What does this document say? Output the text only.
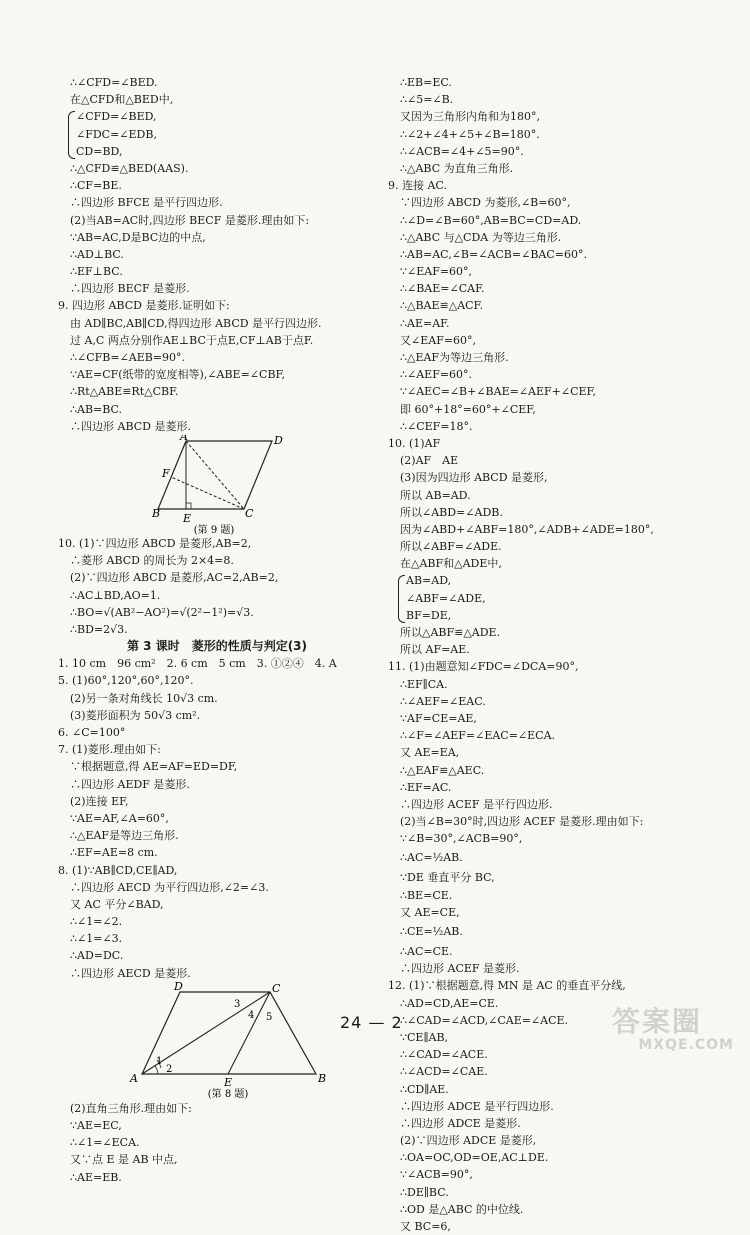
∴∠CFD=∠BED.
在△CFD和△BED中,
∠CFD=∠BED,
∠FDC=∠EDB,
CD=BD,
∴△CFD≌△BED(AAS).
∴CF=BE.
∴四边形 BFCE 是平行四边形.
(2)当AB=AC时,四边形 BECF 是菱形.理由如下:
∵AB=AC,D是BC边的中点,
∴AD⊥BC.
∴EF⊥BC.
∴四边形 BECF 是菱形.
9. 四边形 ABCD 是菱形.证明如下:
由 AD∥BC,AB∥CD,得四边形 ABCD 是平行四边形.
过 A,C 两点分别作AE⊥BC于点E,CF⊥AB于点F.
∴∠CFB=∠AEB=90°.
∵AE=CF(纸带的宽度相等),∠ABE=∠CBF,
∴Rt△ABE≌Rt△CBF.
∴AB=BC.
∴四边形 ABCD 是菱形.
A	D
F
B E	C
(第 9 题)
10. (1)∵四边形 ABCD 是菱形,AB=2,
∴菱形 ABCD 的周长为 2×4=8.
(2)∵四边形 ABCD 是菱形,AC=2,AB=2,
∴AC⊥BD,AO=1.
∴BO=√(AB²−AO²)=√(2²−1²)=√3.
∴BD=2√3.
第 3 课时　菱形的性质与判定(3)
1. 10 cm　96 cm²　2. 6 cm　5 cm　3. ①②④　4. A
5. (1)60°,120°,60°,120°.
(2)另一条对角线长 10√3 cm.
(3)菱形面积为 50√3 cm².
6. ∠C=100°
7. (1)菱形.理由如下:
∵根据题意,得 AE=AF=ED=DF,
∴四边形 AEDF 是菱形.
(2)连接 EF,
∵AE=AF,∠A=60°,
∴△EAF是等边三角形.
∴EF=AE=8 cm.
8. (1)∵AB∥CD,CE∥AD,
∴四边形 AECD 为平行四边形,∠2=∠3.
又 AC 平分∠BAD,
∴∠1=∠2.
∴∠1=∠3.
∴AD=DC.
∴四边形 AECD 是菱形.
D	C
A	E	B
1
2
3
4 5
(第 8 题)
(2)直角三角形.理由如下:
∵AE=EC,
∴∠1=∠ECA.
又∵点 E 是 AB 中点,
∴AE=EB.
∴EB=EC.
∴∠5=∠B.
又因为三角形内角和为180°,
∴∠2+∠4+∠5+∠B=180°.
∴∠ACB=∠4+∠5=90°.
∴△ABC 为直角三角形.
9. 连接 AC.
∵四边形 ABCD 为菱形,∠B=60°,
∴∠D=∠B=60°,AB=BC=CD=AD.
∴△ABC 与△CDA 为等边三角形.
∴AB=AC,∠B=∠ACB=∠BAC=60°.
∵∠EAF=60°,
∴∠BAE=∠CAF.
∴△BAE≌△ACF.
∴AE=AF.
又∠EAF=60°,
∴△EAF为等边三角形.
∴∠AEF=60°.
∵∠AEC=∠B+∠BAE=∠AEF+∠CEF,
即 60°+18°=60°+∠CEF,
∴∠CEF=18°.
10. (1)AF
(2)AF　AE
(3)因为四边形 ABCD 是菱形,
所以 AB=AD.
所以∠ABD=∠ADB.
因为∠ABD+∠ABF=180°,∠ADB+∠ADE=180°,
所以∠ABF=∠ADE.
在△ABF和△ADE中,
AB=AD,
∠ABF=∠ADE,
BF=DE,
所以△ABF≌△ADE.
所以 AF=AE.
11. (1)由题意知∠FDC=∠DCA=90°,
∴EF∥CA.
∴∠AEF=∠EAC.
∵AF=CE=AE,
∴∠F=∠AEF=∠EAC=∠ECA.
又 AE=EA,
∴△EAF≌△AEC.
∴EF=AC.
∴四边形 ACEF 是平行四边形.
(2)当∠B=30°时,四边形 ACEF 是菱形.理由如下:
∵∠B=30°,∠ACB=90°,
∴AC=½AB.
∵DE 垂直平分 BC,
∴BE=CE.
又 AE=CE,
∴CE=½AB.
∴AC=CE.
∴四边形 ACEF 是菱形.
12. (1)∵根据题意,得 MN 是 AC 的垂直平分线,
∴AD=CD,AE=CE.
∴∠CAD=∠ACD,∠CAE=∠ACE.
∵CE∥AB,
∴∠CAD=∠ACE.
∴∠ACD=∠CAE.
∴CD∥AE.
∴四边形 ADCE 是平行四边形.
∴四边形 ADCE 是菱形.
(2)∵四边形 ADCE 是菱形,
∴OA=OC,OD=OE,AC⊥DE.
∵∠ACB=90°,
∴DE∥BC.
∴OD 是△ABC 的中位线.
又 BC=6,
24 — 2	答案圈
MXQE.COM
